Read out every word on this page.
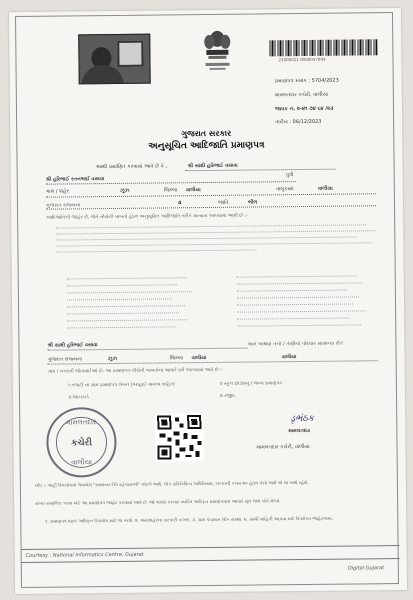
23000021 0000057004
પ્રમાણપત્ર ક્રમાંક : 5704/2023
મામલતદાર કચેરી, વાલીયા
જાવક ન. ૨-૪૧ ૭૪ ૬૪ /૨૩
તારીખ : 06/12/2023
ગુજરાત સરકાર
અનુસૂચિત આદિજાતિ પ્રમાણપત્ર
આથી પ્રમાણિત કરવામાં આવે છે કે ,	શ્રી સાક્ષી હરિભાઈ વસાવા
શ્રી હરિભાઈ રતનભાઈ વસાવા
પુત્રી
ગામ / શહેર	ઝૂઝ	જિલ્લા વાલીયા	તાલુકામાં	વાલીયા
ગુજરાત રાજ્યના	4	જાતિ	ભીલ
આદિજાતિની જાહેર છે, જેને નીચેની બાબતો હેઠળ અનુસૂચિત આદિજાતિ તરીકે માન્યતા આપવામાં આવી છે :-
શ્રી સાક્ષી હરિભાઈ વસાવા	અને અથવા તેનો / તેણીનો પરિવાર સામાન્ય રીતે
ગુજરાત રાજ્યના	ઝૂઝ	જિલ્લા વાલીયા	વાલીયા
ગામ / નગરની જોગવાઈઓ છે. આ પ્રમાણપત્ર નીચેની બાબતોના આધારે ઠરી આપવામાં આવે છે :-
૧ તલાટી ના ગ્રામ પ્રમાણપત્ર લેખન (પરાહાઈ વાસ્તવ સહિત)	૨ સ્કૂલ છોડ્યાનું / જન્મ પ્રમાણપત્ર
૩ રેશનકાર્ડ	૪ રજીઠ
મામલતદાર
કચેરી
વાલીયા
ડૃભંઠક
મામલતદાર
મામલતદાર કચેરી, વાલીયા
નોંધ :- અહીં ઉપયોગમાં લેવાયેલ "સામાન્ય રીતે રહેનારાઓ" એટલે અર્થ, લોક પ્રતિનિધિત્વ અધિનિયમ, ૧૯૫૦ની કલમ ૨૦ હેઠળ તેનો અર્થ એ જ અર્થ રહેશે.
સંબંધ સંચાલિત કરવા માટે આ પ્રમાણપત્ર જાહેર કરવામાં આવે છે. જો ધારણ કરનાર વ્યક્તિ અધિકૃત પ્રમાણપત્રના આધારે મૂળ લાભ પોતે મેળવે.
૧. પ્રમાણપત્ર ધારક અધિકૃત ઉપયોગ માટે જ કરશે. ૨. ગામ/શહેરના સરકારી કાગળ. ૩. ગ્રામ પંચાયત લોક સંસ્થા. ૪. સાચી માહિતી આપવા માટે ઉપરોક્ત જાહેરનામા.
Courtesy : National Informatics Centre, Gujarat
Digital Gujarat
